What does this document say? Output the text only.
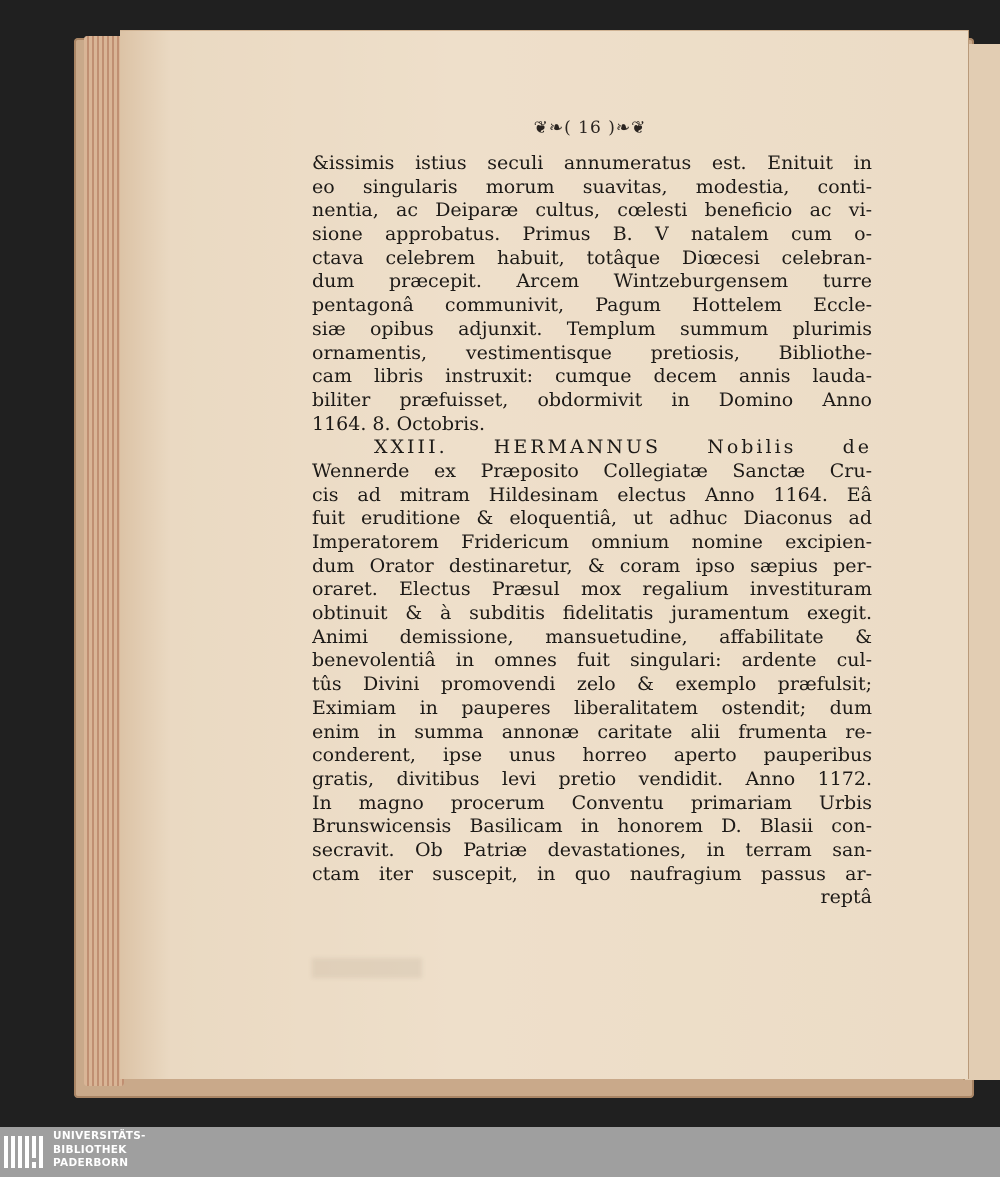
❦❧( 16 )❧❦
&issimis istius seculi annumeratus est. Enituit in
eo singularis morum suavitas, modestia, conti-
nentia, ac Deiparæ cultus, cœlesti beneficio ac vi-
sione approbatus. Primus B. V natalem cum o-
ctava celebrem habuit, totâque Diœcesi celebran-
dum præcepit. Arcem Wintzeburgensem turre
pentagonâ communivit, Pagum Hottelem Eccle-
siæ opibus adjunxit. Templum summum plurimis
ornamentis, vestimentisque pretiosis, Bibliothe-
cam libris instruxit: cumque decem annis lauda-
biliter præfuisset, obdormivit in Domino Anno
1164. 8. Octobris.
XXIII. HERMANNUS Nobilis de
Wennerde ex Præposito Collegiatæ Sanctæ Cru-
cis ad mitram Hildesinam electus Anno 1164. Eâ
fuit eruditione & eloquentiâ, ut adhuc Diaconus ad
Imperatorem Fridericum omnium nomine excipien-
dum Orator destinaretur, & coram ipso sæpius per-
oraret. Electus Præsul mox regalium investituram
obtinuit & à subditis fidelitatis juramentum exegit.
Animi demissione, mansuetudine, affabilitate &
benevolentiâ in omnes fuit singulari: ardente cul-
tûs Divini promovendi zelo & exemplo præfulsit;
Eximiam in pauperes liberalitatem ostendit; dum
enim in summa annonæ caritate alii frumenta re-
conderent, ipse unus horreo aperto pauperibus
gratis, divitibus levi pretio vendidit. Anno 1172.
In magno procerum Conventu primariam Urbis
Brunswicensis Basilicam in honorem D. Blasii con-
secravit. Ob Patriæ devastationes, in terram san-
ctam iter suscepit, in quo naufragium passus ar-
reptâ
UNIVERSITÄTS-
BIBLIOTHEK
PADERBORN
